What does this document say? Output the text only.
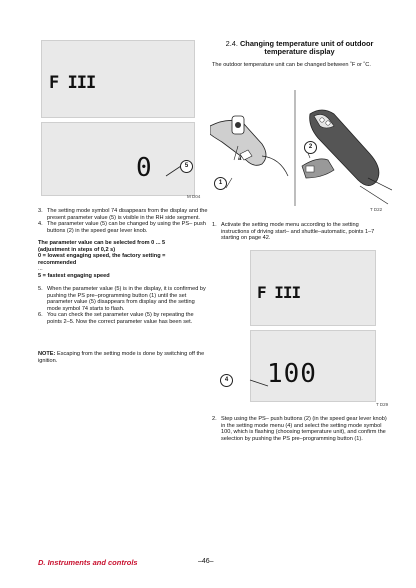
F III
0	5
M D04
3. The setting mode symbol 74 disappears from the display and the present parameter value (5) is visible in the RH side segment.
4. The parameter value (5) can be changed by using the PS– push buttons (2) in the speed gear lever knob.
The parameter value can be selected from 0 ... 5
(adjustment in steps of 0,2 s)
0 = lowest engaging speed, the factory setting =
recommended
...
5 = fastest engaging speed
5. When the parameter value (5) is in the display, it is confirmed by pushing the PS pre–programming button (1) until the set parameter value (5) disappears from display and the setting mode symbol 74 starts to flash.
6. You can check the set parameter value (5) by repeating the points 2–5. Now the correct parameter value has been set.
NOTE: Escaping from the setting mode is done by switching off the ignition.
2.4. Changing temperature unit of outdoor
temperature display
The outdoor temperature unit can be changed between ˚F or ˚C.
2
a
1
T D22
1. Activate the setting mode menu according to the setting instructions of driving start– and shuttle–automatic, points 1–7 starting on page 42.
F III
100
4
T D29
2. Step using the PS– push buttons (2) (in the speed gear lever knob) in the setting mode menu (4) and select the setting mode symbol 100, which is flashing (choosing temperature unit), and confirm the selection by pushing the PS pre–programming button (1).
D. Instruments and controls	–46–
